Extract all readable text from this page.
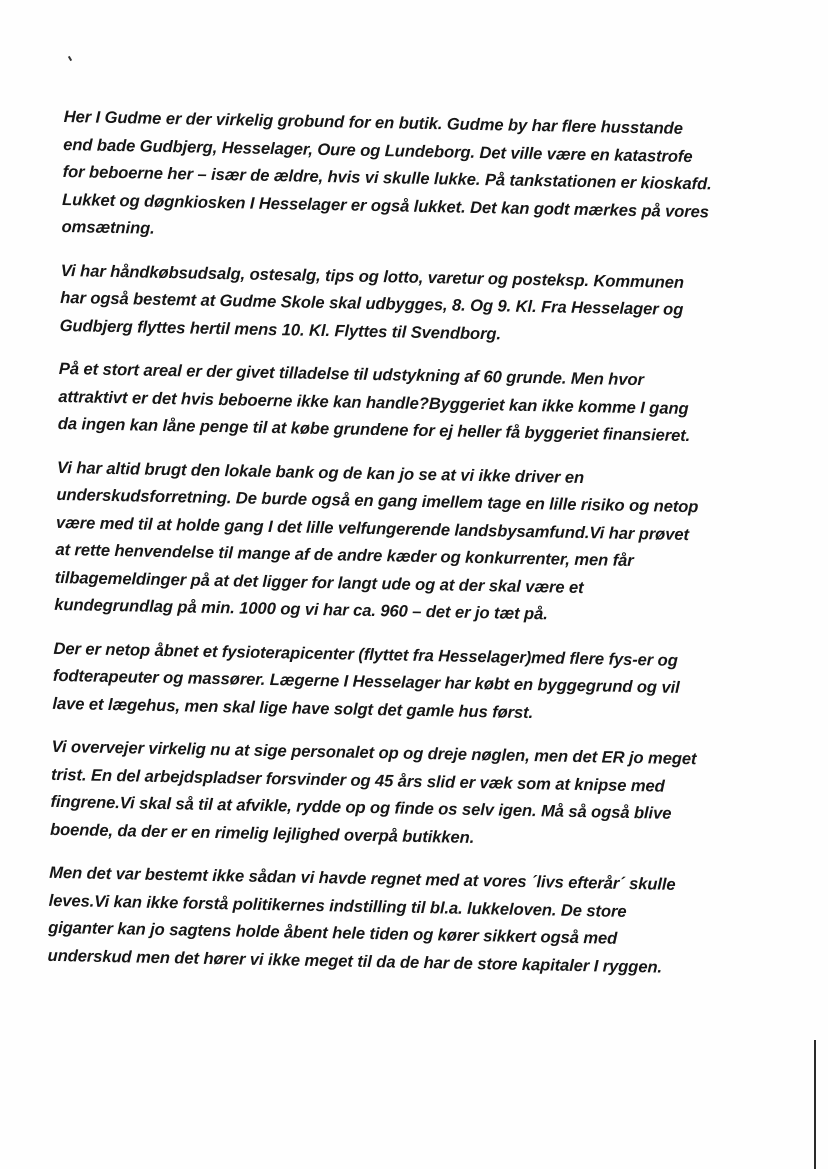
Her I Gudme er der virkelig grobund for en butik. Gudme by har flere husstande
end bade Gudbjerg, Hesselager, Oure og Lundeborg. Det ville være en katastrofe
for beboerne her – især de ældre, hvis vi skulle lukke. På tankstationen er kioskafd.
Lukket og døgnkiosken I Hesselager er også lukket. Det kan godt mærkes på vores
omsætning.

Vi har håndkøbsudsalg, ostesalg, tips og lotto, varetur og posteksp. Kommunen
har også bestemt at Gudme Skole skal udbygges, 8. Og 9. Kl. Fra Hesselager og
Gudbjerg flyttes hertil mens 10. Kl. Flyttes til Svendborg.

På et stort areal er der givet tilladelse til udstykning af 60 grunde. Men hvor
attraktivt er det hvis beboerne ikke kan handle?Byggeriet kan ikke komme I gang
da ingen kan låne penge til at købe grundene for ej heller få byggeriet finansieret.

Vi har altid brugt den lokale bank og de kan jo se at vi ikke driver en
underskudsforretning. De burde også en gang imellem tage en lille risiko og netop
være med til at holde gang I det lille velfungerende landsbysamfund.Vi har prøvet
at rette henvendelse til mange af de andre kæder og konkurrenter, men får
tilbagemeldinger på at det ligger for langt ude og at der skal være et
kundegrundlag på min. 1000 og vi har ca. 960 – det er jo tæt på.

Der er netop åbnet et fysioterapicenter (flyttet fra Hesselager)med flere fys-er og
fodterapeuter og massører. Lægerne I Hesselager har købt en byggegrund og vil
lave et lægehus, men skal lige have solgt det gamle hus først.

Vi overvejer virkelig nu at sige personalet op og dreje nøglen, men det ER jo meget
trist. En del arbejdspladser forsvinder og 45 års slid er væk som at knipse med
fingrene.Vi skal så til at afvikle, rydde op og finde os selv igen. Må så også blive
boende, da der er en rimelig lejlighed overpå butikken.

Men det var bestemt ikke sådan vi havde regnet med at vores ´livs efterår´ skulle
leves.Vi kan ikke forstå politikernes indstilling til bl.a. lukkeloven. De store
giganter kan jo sagtens holde åbent hele tiden og kører sikkert også med
underskud men det hører vi ikke meget til da de har de store kapitaler I ryggen.
